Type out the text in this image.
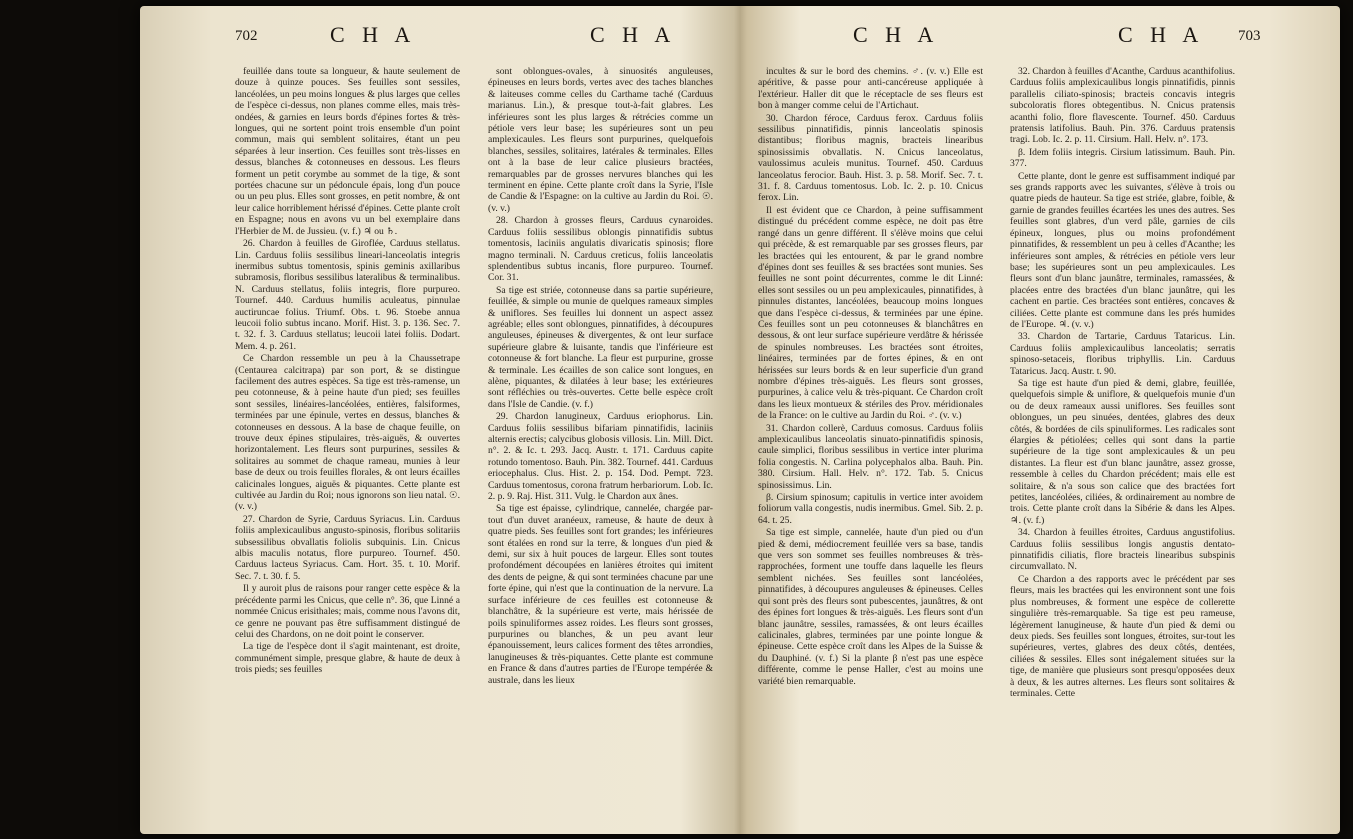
feuillée dans toute sa longueur, & haute seulement de douze à quinze pouces. Ses feuilles sont sessiles, lancéolées, un peu moins longues & plus larges que celles de l'espèce ci-dessus, non planes comme elles, mais très-ondées, & garnies en leurs bords d'épines fortes & très-longues, qui ne sortent point trois ensemble d'un point commun, mais qui semblent solitaires, étant un peu séparées à leur insertion. Ces feuilles sont très-lisses en dessus, blanches & cotonneuses en dessous. Les fleurs forment un petit corymbe au sommet de la tige, & sont portées chacune sur un pédoncule épais, long d'un pouce ou un peu plus. Elles sont grosses, en petit nombre, & ont leur calice horriblement hérissé d'épines. Cette plante croît en Espagne; nous en avons vu un bel exemplaire dans l'Herbier de M. de Jussieu. (v. f.) ♃ ou ♄.

26. Chardon à feuilles de Giroflée, Carduus stellatus. Lin. Carduus foliis sessilibus lineari-lanceolatis integris inermibus subtus tomentosis, spinis geminis axillaribus subramosis, floribus sessilibus lateralibus & terminalibus. N. Carduus stellatus, foliis integris, flore purpureo. Tournef. 440. Carduus humilis aculeatus, pinnulae auctiruncae folius. Triumf. Obs. t. 96. Stoebe annua leucoii folio subtus incano. Morif. Hist. 3. p. 136. Sec. 7. t. 32. f. 3. Carduus stellatus; leucoii latei foliis. Dodart. Mem. 4. p. 261.

Ce Chardon ressemble un peu à la Chaussetrape (Centaurea calcitrapa) par son port, & se distingue facilement des autres espèces. Sa tige est très-ramense, un peu cotonneuse, & à peine haute d'un pied; ses feuilles sont sessiles, linéaires-lancéolées, entières, falsiformes, terminées par une épinule, vertes en dessus, blanches & cotonneuses en dessous. A la base de chaque feuille, on trouve deux épines stipulaires, très-aiguës, & ouvertes horizontalement. Les fleurs sont purpurines, sessiles & solitaires au sommet de chaque rameau, munies à leur base de deux ou trois feuilles florales, & ont leurs écailles calicinales longues, aiguës & piquantes. Cette plante est cultivée au Jardin du Roi; nous ignorons son lieu natal. ☉. (v. v.)

27. Chardon de Syrie, Carduus Syriacus. Lin. Carduus foliis amplexicaulibus angusto-spinosis, floribus solitariis subsessilibus obvallatis foliolis subquinis. Lin. Cnicus albis maculis notatus, flore purpureo. Tournef. 450. Carduus lacteus Syriacus. Cam. Hort. 35. t. 10. Morif. Sec. 7. t. 30. f. 5.

Il y auroit plus de raisons pour ranger cette espèce & la précédente parmi les Cnicus, que celle n°. 36, que Linné a nommée Cnicus erisithales; mais, comme nous l'avons dit, ce genre ne pouvant pas être suffisamment distingué de celui des Chardons, on ne doit point le conserver.

La tige de l'espèce dont il s'agit maintenant, est droite, communément simple, presque glabre, & haute de deux à trois pieds; ses feuilles

sont oblongues-ovales, à sinuosités anguleuses, épineuses en leurs bords, vertes avec des taches blanches & laiteuses comme celles du Carthame taché (Carduus marianus. Lin.), & presque tout-à-fait glabres. Les inférieures sont les plus larges & rétrécies comme un pétiole vers leur base; les supérieures sont un peu amplexicaules. Les fleurs sont purpurines, quelquefois blanches, sessiles, solitaires, latérales & terminales. Elles ont à la base de leur calice plusieurs bractées, remarquables par de grosses nervures blanches qui les terminent en épine. Cette plante croît dans la Syrie, l'Isle de Candie & l'Espagne: on la cultive au Jardin du Roi. ☉. (v. v.)

28. Chardon à grosses fleurs, Carduus cynaroides. Carduus foliis sessilibus oblongis pinnatifidis subtus tomentosis, laciniis angulatis divaricatis spinosis; flore magno terminali. N. Carduus creticus, foliis lanceolatis splendentibus subtus incanis, flore purpureo. Tournef. Cor. 31.

Sa tige est striée, cotonneuse dans sa partie supérieure, feuillée, & simple ou munie de quelques rameaux simples & uniflores. Ses feuilles lui donnent un aspect assez agréable; elles sont oblongues, pinnatifides, à découpures anguleuses, épineuses & divergentes, & ont leur surface supérieure glabre & luisante, tandis que l'inférieure est cotonneuse & fort blanche. La fleur est purpurine, grosse & terminale. Les écailles de son calice sont longues, en alène, piquantes, & dilatées à leur base; les extérieures sont réfléchies ou très-ouvertes. Cette belle espèce croît dans l'Isle de Candie. (v. f.)

29. Chardon lanugineux, Carduus eriophorus. Lin. Carduus foliis sessilibus bifariam pinnatifidis, laciniis alternis erectis; calycibus globosis villosis. Lin. Mill. Dict. n°. 2. & Ic. t. 293. Jacq. Austr. t. 171. Carduus capite rotundo tomentoso. Bauh. Pin. 382. Tournef. 441. Carduus eriocephalus. Clus. Hist. 2. p. 154. Dod. Pempt. 723. Carduus tomentosus, corona fratrum herbariorum. Lob. Ic. 2. p. 9. Raj. Hist. 311. Vulg. le Chardon aux ânes.

Sa tige est épaisse, cylindrique, cannelée, chargée par-tout d'un duvet aranéeux, rameuse, & haute de deux à quatre pieds. Ses feuilles sont fort grandes; les inférieures sont étalées en rond sur la terre, & longues d'un pied & demi, sur six à huit pouces de largeur. Elles sont toutes profondément découpées en lanières étroites qui imitent des dents de peigne, & qui sont terminées chacune par une forte épine, qui n'est que la continuation de la nervure. La surface inférieure de ces feuilles est cotonneuse & blanchâtre, & la supérieure est verte, mais hérissée de poils spinuliformes assez roides. Les fleurs sont grosses, purpurines ou blanches, & un peu avant leur épanouissement, leurs calices forment des têtes arrondies, lanugineuses & très-piquantes. Cette plante est commune en France & dans d'autres parties de l'Europe tempérée & australe, dans les lieux

incultes & sur le bord des chemins. ♂. (v. v.) Elle est apéritive, & passe pour anti-cancéreuse appliquée à l'extérieur. Haller dit que le réceptacle de ses fleurs est bon à manger comme celui de l'Artichaut.

30. Chardon féroce, Carduus ferox. Carduus foliis sessilibus pinnatifidis, pinnis lanceolatis spinosis distantibus; floribus magnis, bracteis linearibus spinosissimis obvallatis. N. Cnicus lanceolatus, vaulossimus aculeis munitus. Tournef. 450. Carduus lanceolatus ferocior. Bauh. Hist. 3. p. 58. Morif. Sec. 7. t. 31. f. 8. Carduus tomentosus. Lob. Ic. 2. p. 10. Cnicus ferox. Lin.

Il est évident que ce Chardon, à peine suffisamment distingué du précédent comme espèce, ne doit pas être rangé dans un genre différent. Il s'élève moins que celui qui précède, & est remarquable par ses grosses fleurs, par les bractées qui les entourent, & par le grand nombre d'épines dont ses feuilles & ses bractées sont munies. Ses feuilles ne sont point décurrentes, comme le dit Linné: elles sont sessiles ou un peu amplexicaules, pinnatifides, à pinnules distantes, lancéolées, beaucoup moins longues que dans l'espèce ci-dessus, & terminées par une épine. Ces feuilles sont un peu cotonneuses & blanchâtres en dessous, & ont leur surface supérieure verdâtre & hérissée de spinules nombreuses. Les bractées sont étroites, linéaires, terminées par de fortes épines, & en ont hérissées sur leurs bords & en leur superficie d'un grand nombre d'épines très-aiguës. Les fleurs sont grosses, purpurines, à calice velu & très-piquant. Ce Chardon croît dans les lieux montueux & stériles des Prov. méridionales de la France: on le cultive au Jardin du Roi. ♂. (v. v.)

31. Chardon collerè, Carduus comosus. Carduus foliis amplexicaulibus lanceolatis sinuato-pinnatifidis spinosis, caule simplici, floribus sessilibus in vertice inter plurima folia congestis. N. Carlina polycephalos alba. Bauh. Pin. 380. Cirsium. Hall. Helv. n°. 172. Tab. 5. Cnicus spinosissimus. Lin.

β. Cirsium spinosum; capitulis in vertice inter avoidem foliorum valla congestis, nudis inermibus. Gmel. Sib. 2. p. 64. t. 25.

Sa tige est simple, cannelée, haute d'un pied ou d'un pied & demi, médiocrement feuillée vers sa base, tandis que vers son sommet ses feuilles nombreuses & très-rapprochées, forment une touffe dans laquelle les fleurs semblent nichées. Ses feuilles sont lancéolées, pinnatifides, à découpures anguleuses & épineuses. Celles qui sont près des fleurs sont pubescentes, jaunâtres, & ont des épines fort longues & très-aiguës. Les fleurs sont d'un blanc jaunâtre, sessiles, ramassées, & ont leurs écailles calicinales, glabres, terminées par une pointe longue & épineuse. Cette espèce croît dans les Alpes de la Suisse & du Dauphiné. (v. f.) Si la plante β n'est pas une espèce différente, comme le pense Haller, c'est au moins une variété bien remarquable.

32. Chardon à feuilles d'Acanthe, Carduus acanthifolius. Carduus foliis amplexicaulibus longis pinnatifidis, pinnis parallelis ciliato-spinosis; bracteis concavis integris subcoloratis flores obtegentibus. N. Cnicus pratensis acanthi folio, flore flavescente. Tournef. 450. Carduus pratensis latifolius. Bauh. Pin. 376. Carduus pratensis tragi. Lob. Ic. 2. p. 11. Cirsium. Hall. Helv. n°. 173.

β. Idem foliis integris. Cirsium latissimum. Bauh. Pin. 377.

Cette plante, dont le genre est suffisamment indiqué par ses grands rapports avec les suivantes, s'élève à trois ou quatre pieds de hauteur. Sa tige est striée, glabre, foible, & garnie de grandes feuilles écartées les unes des autres. Ses feuilles sont glabres, d'un verd pâle, garnies de cils épineux, longues, plus ou moins profondément pinnatifides, & ressemblent un peu à celles d'Acanthe; les inférieures sont amples, & rétrécies en pétiole vers leur base; les supérieures sont un peu amplexicaules. Les fleurs sont d'un blanc jaunâtre, terminales, ramassées, & placées entre des bractées d'un blanc jaunâtre, qui les cachent en partie. Ces bractées sont entières, concaves & ciliées. Cette plante est commune dans les prés humides de l'Europe. ♃. (v. v.)

33. Chardon de Tartarie, Carduus Tataricus. Lin. Carduus foliis amplexicaulibus lanceolatis; serratis spinoso-setaceis, floribus triphyllis. Lin. Carduus Tataricus. Jacq. Austr. t. 90.

Sa tige est haute d'un pied & demi, glabre, feuillée, quelquefois simple & uniflore, & quelquefois munie d'un ou de deux rameaux aussi uniflores. Ses feuilles sont oblongues, un peu sinuées, dentées, glabres des deux côtés, & bordées de cils spinuliformes. Les radicales sont élargies & pétiolées; celles qui sont dans la partie supérieure de la tige sont amplexicaules & un peu distantes. La fleur est d'un blanc jaunâtre, assez grosse, ressemble à celles du Chardon précédent; mais elle est solitaire, & n'a sous son calice que des bractées fort petites, lancéolées, ciliées, & ordinairement au nombre de trois. Cette plante croît dans la Sibérie & dans les Alpes. ♃. (v. f.)

34. Chardon à feuilles étroites, Carduus angustifolius. Carduus foliis sessilibus longis angustis dentato-pinnatifidis ciliatis, flore bracteis linearibus subspinis circumvallato. N.

Ce Chardon a des rapports avec le précédent par ses fleurs, mais les bractées qui les environnent sont une fois plus nombreuses, & forment une espèce de collerette singulière très-remarquable. Sa tige est peu rameuse, légèrement lanugineuse, & haute d'un pied & demi ou deux pieds. Ses feuilles sont longues, étroites, sur-tout les supérieures, vertes, glabres des deux côtés, dentées, ciliées & sessiles. Elles sont inégalement situées sur la tige, de manière que plusieurs sont presqu'opposées deux à deux, & les autres alternes. Les fleurs sont solitaires & terminales. Cette

702	C H A	C H A	C H A	C H A 703
